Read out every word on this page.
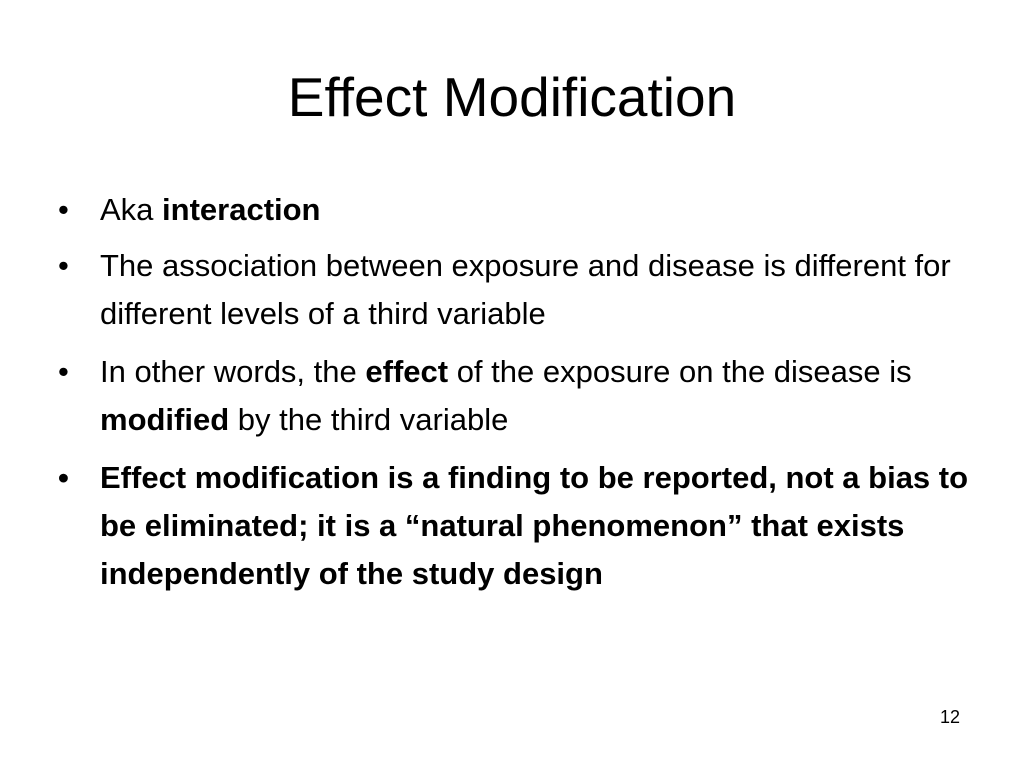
Effect Modification
•	Aka interaction
•	The association between exposure and disease is different for different levels of a third variable
•	In other words, the effect of the exposure on the disease is modified by the third variable
•	Effect modification is a finding to be reported, not a bias to be eliminated; it is a “natural phenomenon” that exists independently of the study design
12
